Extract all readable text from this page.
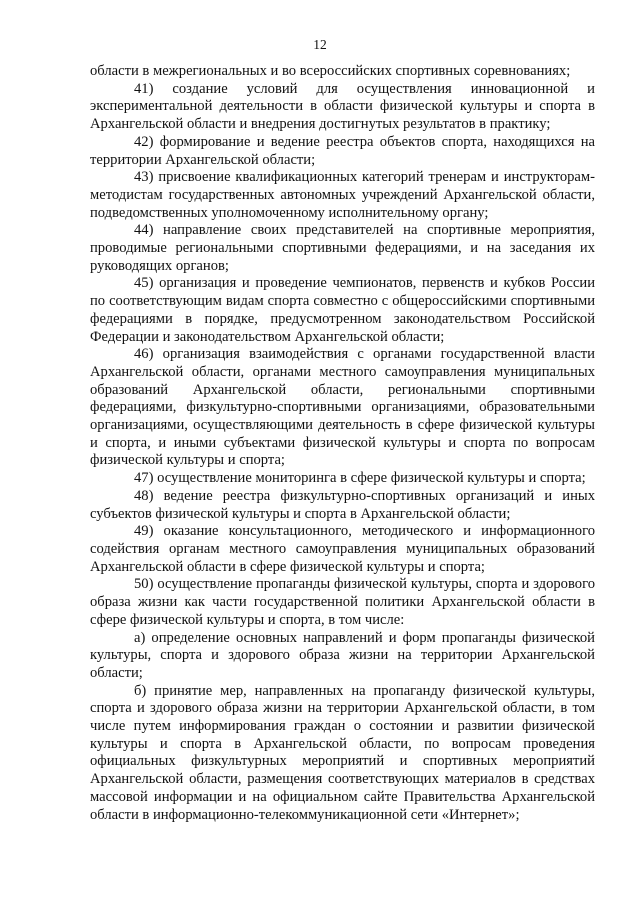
12

области в межрегиональных и во всероссийских спортивных соревнованиях;

41) создание условий для осуществления инновационной и экспериментальной деятельности в области физической культуры и спорта в Архангельской области и внедрения достигнутых результатов в практику;

42) формирование и ведение реестра объектов спорта, находящихся на территории Архангельской области;

43) присвоение квалификационных категорий тренерам и инструкторам-методистам государственных автономных учреждений Архангельской области, подведомственных уполномоченному исполнительному органу;

44) направление своих представителей на спортивные мероприятия, проводимые региональными спортивными федерациями, и на заседания их руководящих органов;

45) организация и проведение чемпионатов, первенств и кубков России по соответствующим видам спорта совместно с общероссийскими спортивными федерациями в порядке, предусмотренном законодательством Российской Федерации и законодательством Архангельской области;

46) организация взаимодействия с органами государственной власти Архангельской области, органами местного самоуправления муниципальных образований Архангельской области, региональными спортивными федерациями, физкультурно-спортивными организациями, образовательными организациями, осуществляющими деятельность в сфере физической культуры и спорта, и иными субъектами физической культуры и спорта по вопросам физической культуры и спорта;

47) осуществление мониторинга в сфере физической культуры и спорта;

48) ведение реестра физкультурно-спортивных организаций и иных субъектов физической культуры и спорта в Архангельской области;

49) оказание консультационного, методического и информационного содействия органам местного самоуправления муниципальных образований Архангельской области в сфере физической культуры и спорта;

50) осуществление пропаганды физической культуры, спорта и здорового образа жизни как части государственной политики Архангельской области в сфере физической культуры и спорта, в том числе:

а) определение основных направлений и форм пропаганды физической культуры, спорта и здорового образа жизни на территории Архангельской области;

б) принятие мер, направленных на пропаганду физической культуры, спорта и здорового образа жизни на территории Архангельской области, в том числе путем информирования граждан о состоянии и развитии физической культуры и спорта в Архангельской области, по вопросам проведения официальных физкультурных мероприятий и спортивных мероприятий Архангельской области, размещения соответствующих материалов в средствах массовой информации и на официальном сайте Правительства Архангельской области в информационно-телекоммуникационной сети «Интернет»;
